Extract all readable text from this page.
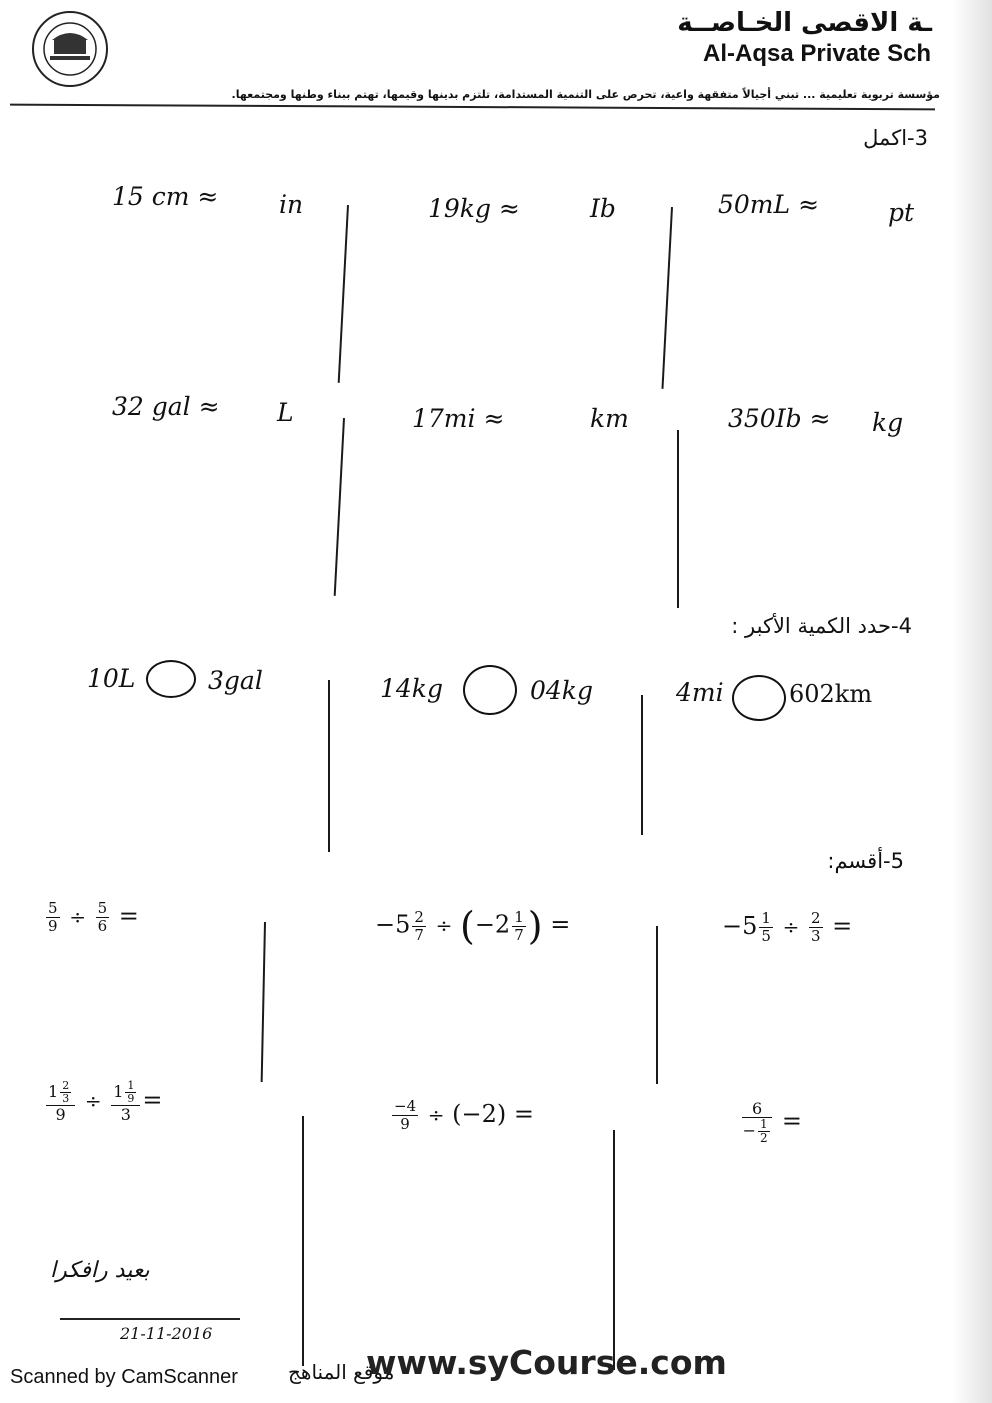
ـة الاقصى الخـاصــة
Al-Aqsa Private Sch
مؤسسة تربوية تعليمية ... تبني أجيالاً متفقهة واعية، تحرص على التنمية المستدامة، تلتزم بدينها وقيمها، تهتم ببناء وطنها ومجتمعها.
3-اكمل
15 cm ≈ in	19kg ≈	Ib	50mL ≈	pt
32 gal ≈ L	17mi ≈	km	350Ib ≈ kg
4-حدد الكمية الأكبر :
10L	3gal	14kg	04kg	4mi	602km
5-أقسم:
$\frac{5}{9} \div \frac{5}{6}$ =	$-5 \frac{2}{7} \div (-2 \frac{1}{7}$ ) =	$-5 \frac{1}{5} \div \frac{2}{3}$ =
$\frac{1 \frac{2}{3}}{9} \div \frac{1 \frac{1}{9}}{3}$ =	$\frac{-4}{9} \div (-2)$ =	$\frac{6}{- \frac{1}{2}}$ =
بعيد رافكرا
21-11-2016
Scanned by CamScanner	موقع المناهج
www.syCourse.com
